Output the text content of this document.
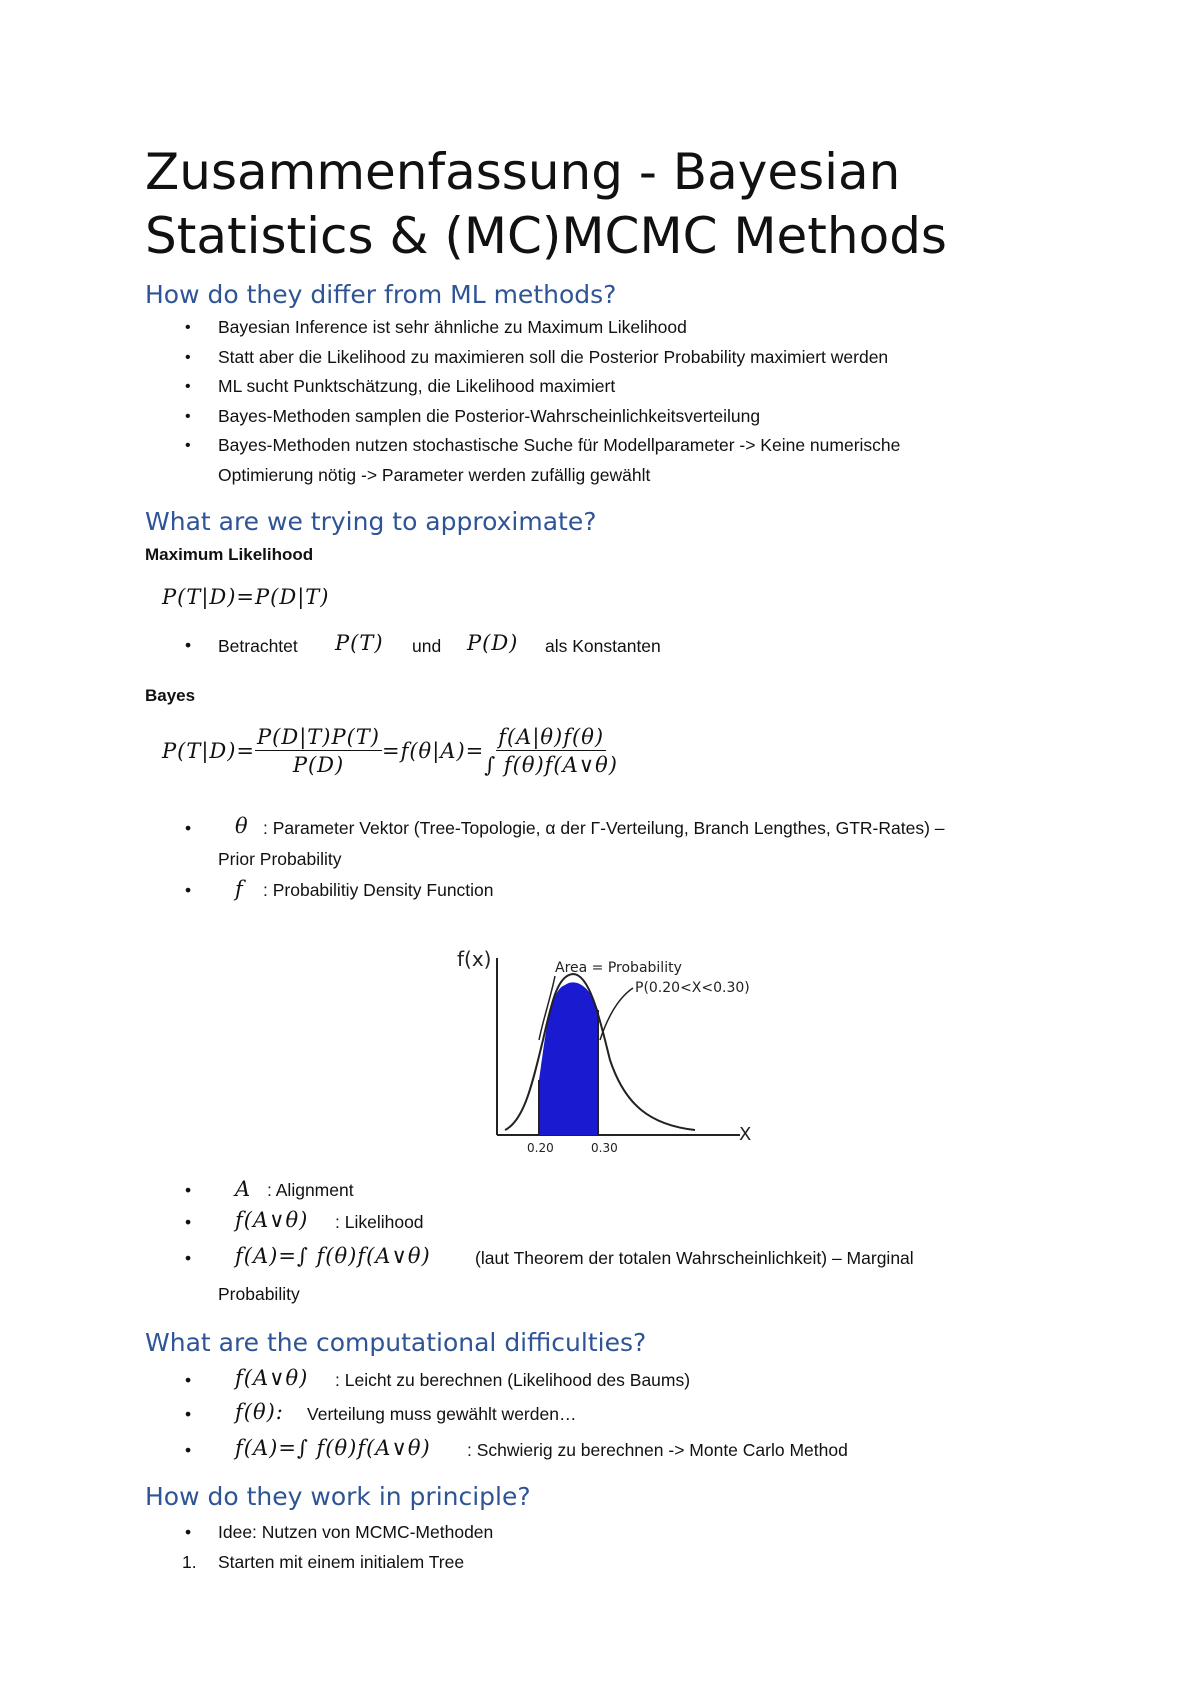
Zusammenfassung - Bayesian
Statistics & (MC)MCMC Methods
How do they differ from ML methods?
• Bayesian Inference ist sehr ähnliche zu Maximum Likelihood
• Statt aber die Likelihood zu maximieren soll die Posterior Probability maximiert werden
• ML sucht Punktschätzung, die Likelihood maximiert
• Bayes-Methoden samplen die Posterior-Wahrscheinlichkeitsverteilung
• Bayes-Methoden nutzen stochastische Suche für Modellparameter -> Keine numerische
Optimierung nötig -> Parameter werden zufällig gewählt
What are we trying to approximate?
Maximum Likelihood
P(T|D)=P(D|T)
• Betrachtet P(T) und P(D) als Konstanten
Bayes
$P(T|D)= \frac{P(D|T)P(T)}{P(D)} =f(\theta|A)= \frac{f(A|\theta)f(\theta)}{\int f(\theta)f(A\vee\theta)}$
• θ : Parameter Vektor (Tree-Topologie, α der Γ-Verteilung, Branch Lengthes, GTR-Rates) –
Prior Probability
• f : Probabilitiy Density Function
f(x)
X
Area = Probability
P(0.20<X<0.30)
0.20	0.30
• A : Alignment
• f(A∨θ) : Likelihood
• f(A)=∫ f(θ)f(A∨θ)	(laut Theorem der totalen Wahrscheinlichkeit) – Marginal
Probability
What are the computational difficulties?
• f(A∨θ) : Leicht zu berechnen (Likelihood des Baums)
• f(θ): Verteilung muss gewählt werden…
• f(A)=∫ f(θ)f(A∨θ) : Schwierig zu berechnen -> Monte Carlo Method
How do they work in principle?
• Idee: Nutzen von MCMC-Methoden
1. Starten mit einem initialem Tree
